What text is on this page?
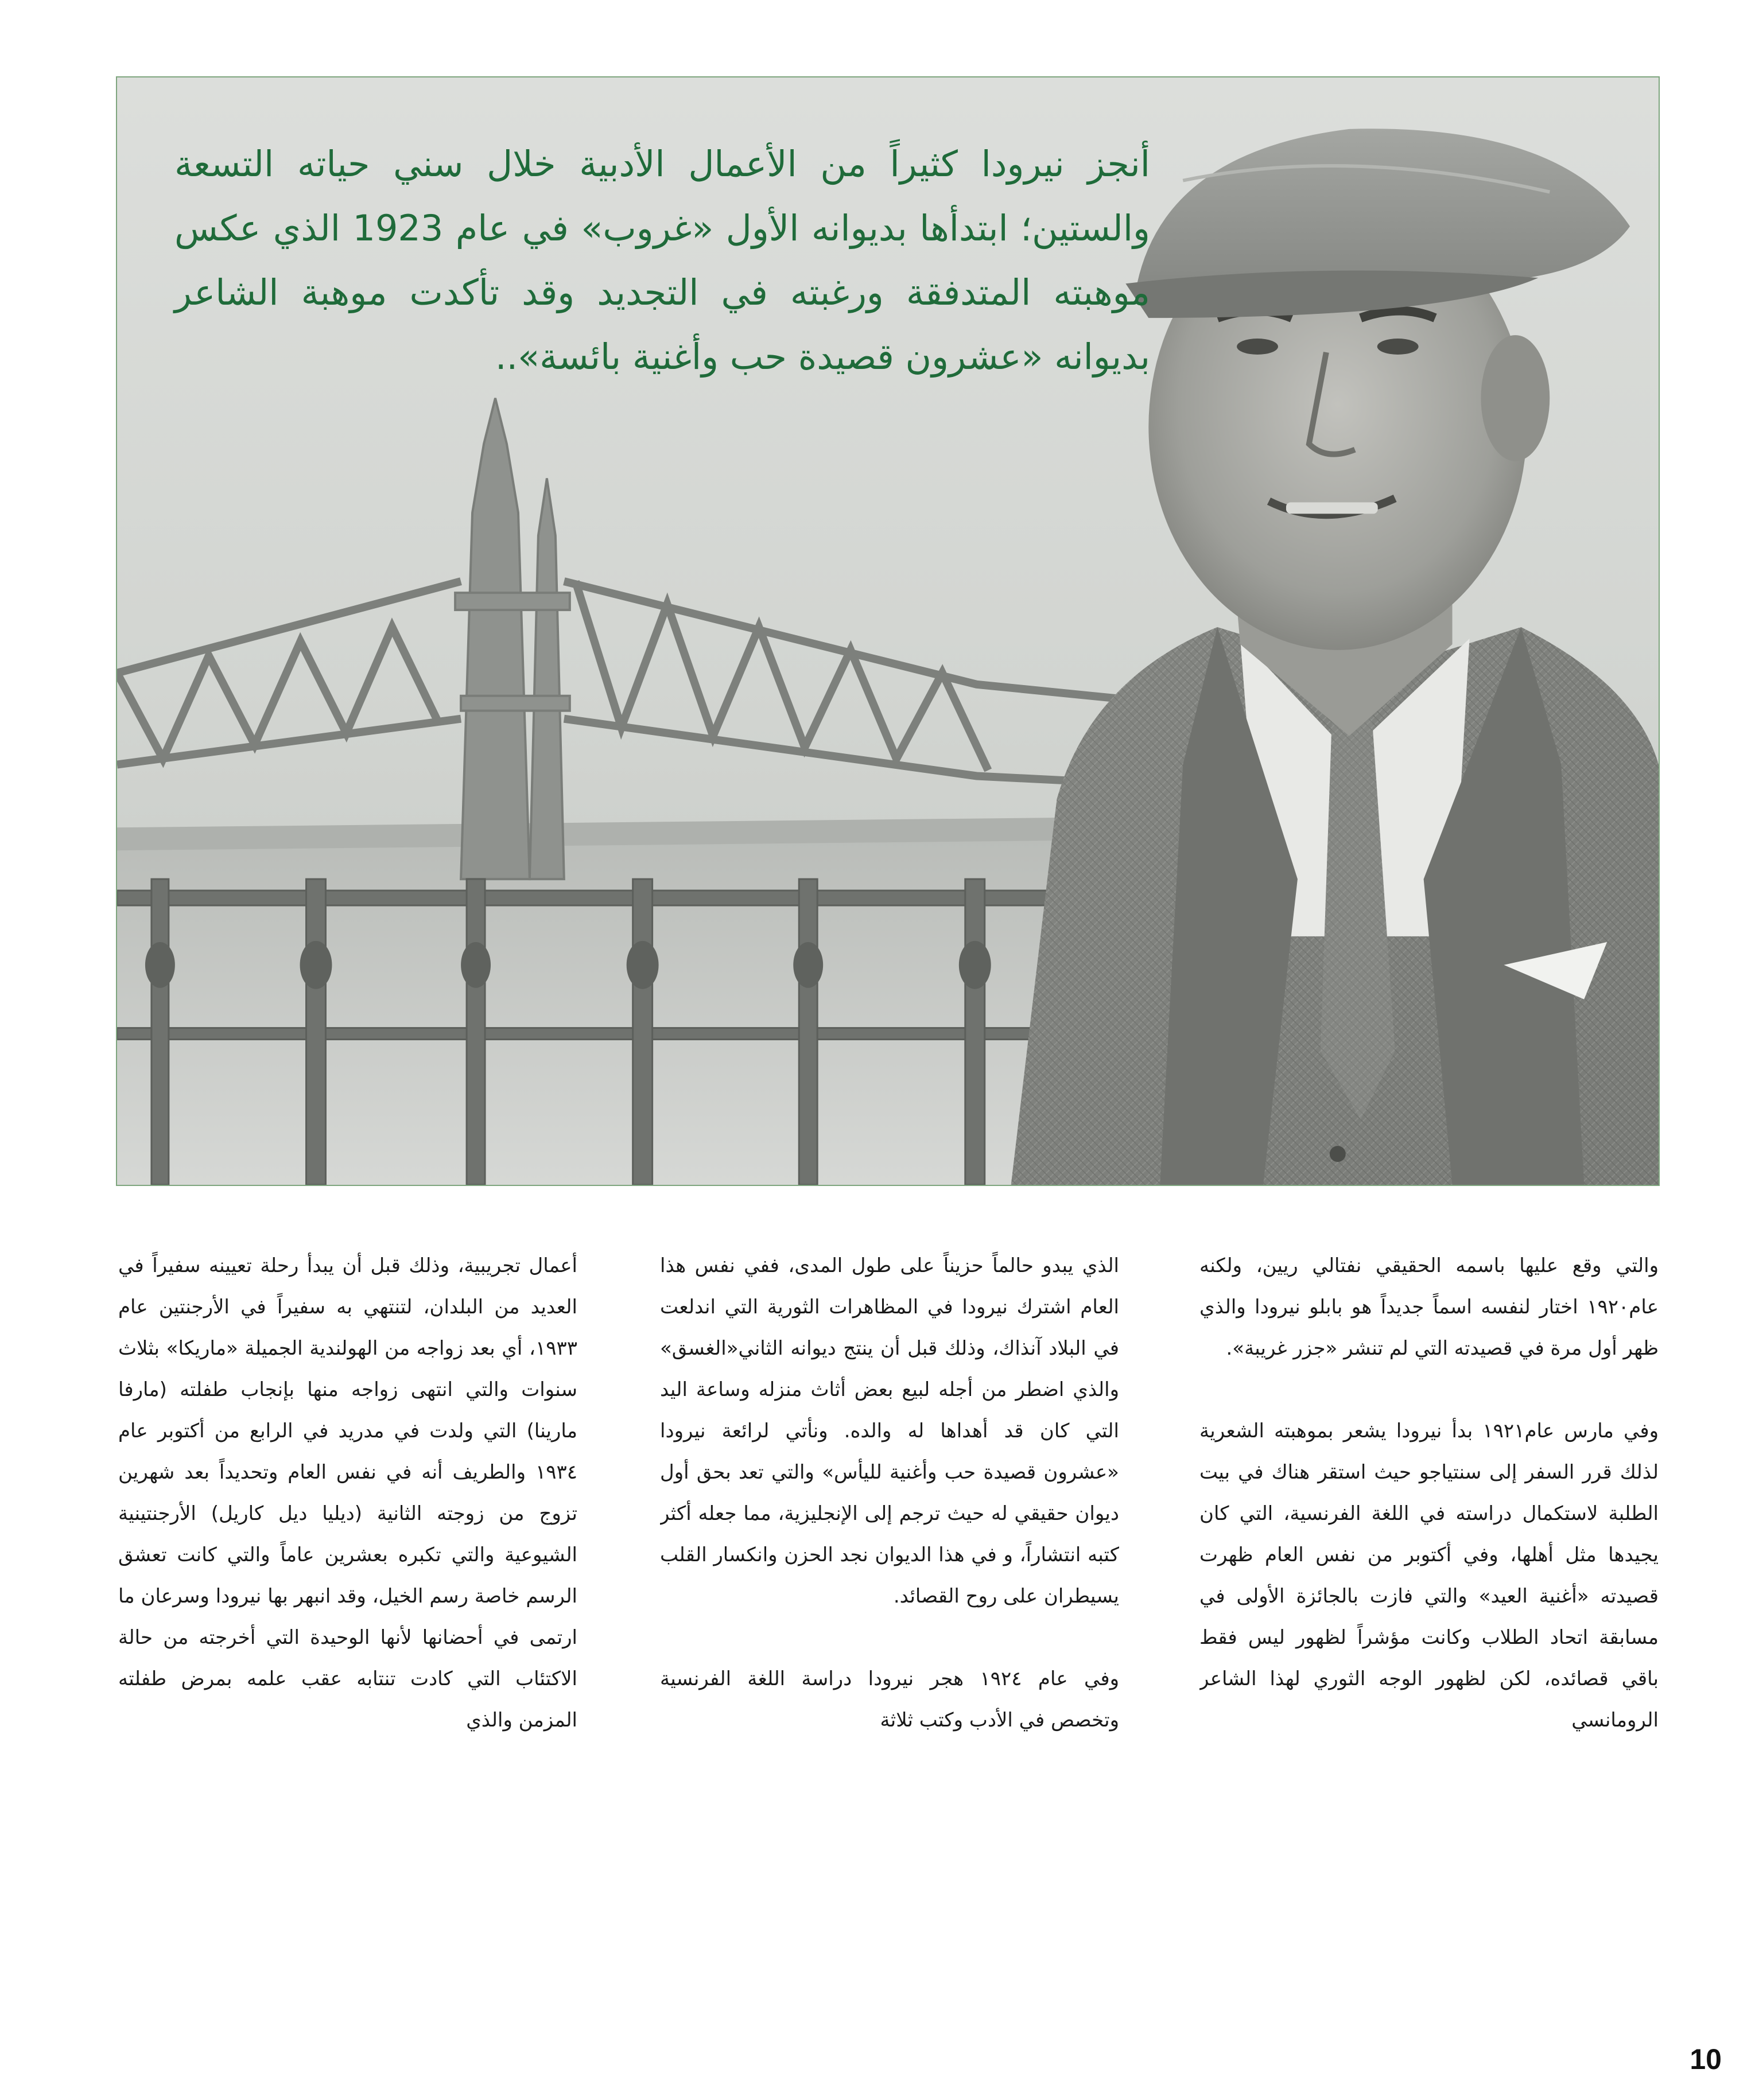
أنجز نيرودا كثيراً من الأعمال الأدبية خلال سني حياته التسعة والستين؛ ابتدأها بديوانه الأول «غروب» في عام 1923 الذي عكس موهبته المتدفقة ورغبته في التجديد وقد تأكدت موهبة الشاعر بديوانه «عشرون قصيدة حب وأغنية بائسة»..

والتي وقع عليها باسمه الحقيقي نفتالي ريين، ولكنه عام١٩٢٠ اختار لنفسه اسماً جديداً هو بابلو نيرودا والذي ظهر أول مرة في قصيدته التي لم تنشر «جزر غريبة».

وفي مارس عام١٩٢١ بدأ نيرودا يشعر بموهبته الشعرية لذلك قرر السفر إلى سنتياجو حيث استقر هناك في بيت الطلبة لاستكمال دراسته في اللغة الفرنسية، التي كان يجيدها مثل أهلها، وفي أكتوبر من نفس العام ظهرت قصيدته «أغنية العيد» والتي فازت بالجائزة الأولى في مسابقة اتحاد الطلاب وكانت مؤشراً لظهور ليس فقط باقي قصائده، لكن لظهور الوجه الثوري لهذا الشاعر الرومانسي

الذي يبدو حالماً حزيناً على طول المدى، ففي نفس هذا العام اشترك نيرودا في المظاهرات الثورية التي اندلعت في البلاد آنذاك، وذلك قبل أن ينتج ديوانه الثاني«الغسق» والذي اضطر من أجله لبيع بعض أثاث منزله وساعة اليد التي كان قد أهداها له والده. ونأتي لرائعة نيرودا «عشرون قصيدة حب وأغنية لليأس» والتي تعد بحق أول ديوان حقيقي له حيث ترجم إلى الإنجليزية، مما جعله أكثر كتبه انتشاراً، و في هذا الديوان نجد الحزن وانكسار القلب يسيطران على روح القصائد.

وفي عام ١٩٢٤ هجر نيرودا دراسة اللغة الفرنسية وتخصص في الأدب وكتب ثلاثة

أعمال تجريبية، وذلك قبل أن يبدأ رحلة تعيينه سفيراً في العديد من البلدان، لتنتهي به سفيراً في الأرجنتين عام ١٩٣٣، أي بعد زواجه من الهولندية الجميلة «ماريكا» بثلاث سنوات والتي انتهى زواجه منها بإنجاب طفلته (مارفا مارينا) التي ولدت في مدريد في الرابع من أكتوبر عام ١٩٣٤ والطريف أنه في نفس العام وتحديداً بعد شهرين تزوج من زوجته الثانية (ديليا ديل كاريل) الأرجنتينية الشيوعية والتي تكبره بعشرين عاماً والتي كانت تعشق الرسم خاصة رسم الخيل، وقد انبهر بها نيرودا وسرعان ما ارتمى في أحضانها لأنها الوحيدة التي أخرجته من حالة الاكتئاب التي كادت تنتابه عقب علمه بمرض طفلته المزمن والذي

10
